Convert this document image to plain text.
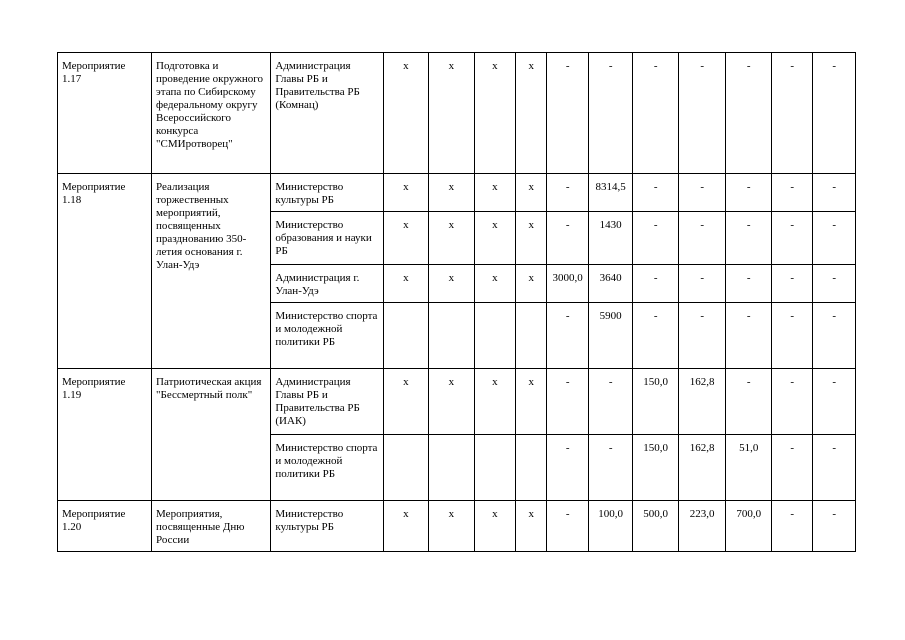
Мероприятие 1.17	Подготовка и проведение окружного этапа по Сибирскому федеральному округу Всероссийского конкурса "СМИротворец"	Администрация Главы РБ и Правительства РБ (Комнац)	x	x	x	x	-	-	-	-	-	-	-
Мероприятие 1.18	Реализация торжественных мероприятий, посвященных празднованию 350-летия основания г. Улан-Удэ	Министерство культуры РБ	x	x	x	x	-	8314,5	-	-	-	-	-
		Министерство образования и науки РБ	x	x	x	x	-	1430	-	-	-	-	-
		Администрация г. Улан-Удэ	x	x	x	x	3000,0	3640	-	-	-	-	-
		Министерство спорта и молодежной политики РБ					-	5900	-	-	-	-	-
Мероприятие 1.19	Патриотическая акция "Бессмертный полк"	Администрация Главы РБ и Правительства РБ (ИАК)	x	x	x	x	-	-	150,0	162,8	-	-	-
		Министерство спорта и молодежной политики РБ					-	-	150,0	162,8	51,0	-	-
Мероприятие 1.20	Мероприятия, посвященные Дню России	Министерство культуры РБ	x	x	x	x	-	100,0	500,0	223,0	700,0	-	-
